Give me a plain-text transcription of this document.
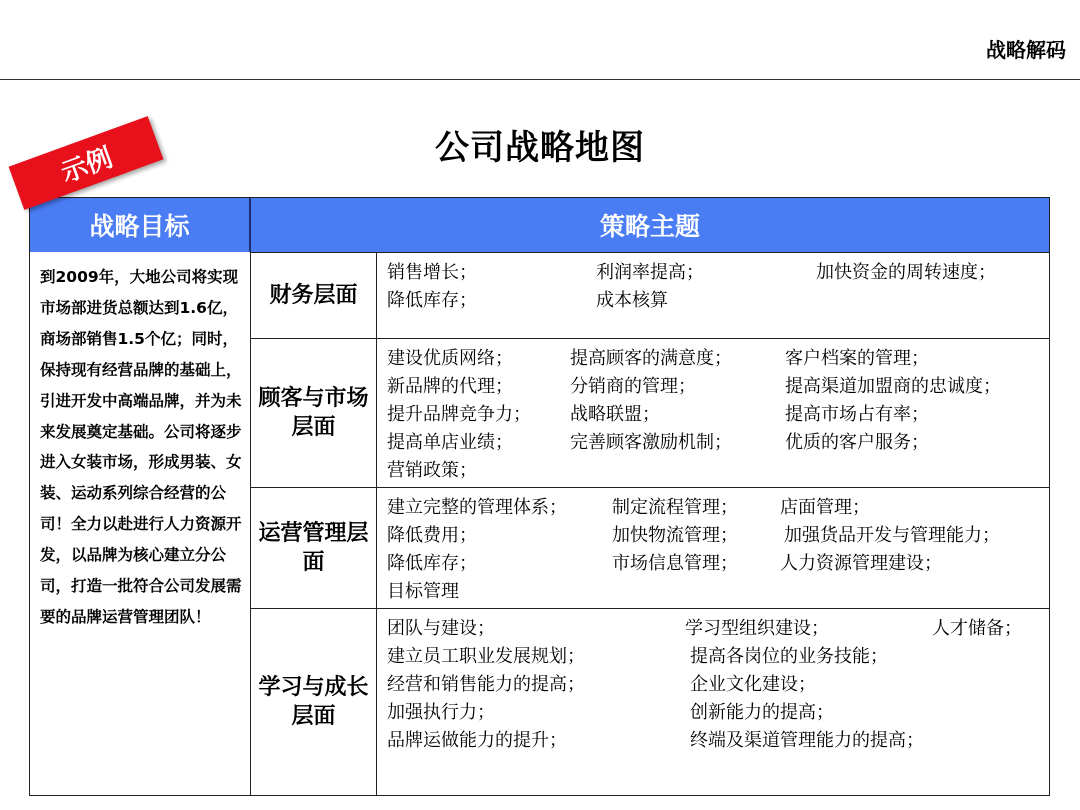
战略解码
公司战略地图
示例
战略目标	策略主题
到2009年，大地公司将实现市场部进货总额达到1.6亿，商场部销售1.5个亿；同时，保持现有经营品牌的基础上，引进开发中高端品牌，并为未来发展奠定基础。公司将逐步进入女装市场，形成男装、女装、运动系列综合经营的公司！全力以赴进行人力资源开发，以品牌为核心建立分公司，打造一批符合公司发展需要的品牌运营管理团队！
财务层面
销售增长；	利润率提高；	加快资金的周转速度；
降低库存；	成本核算
顾客与市场层面
建设优质网络；	提高顾客的满意度；	客户档案的管理；
新品牌的代理；	分销商的管理；	提高渠道加盟商的忠诚度；
提升品牌竞争力； 战略联盟；	提高市场占有率；
提高单店业绩；	完善顾客激励机制；	优质的客户服务；
营销政策；
运营管理层面
建立完整的管理体系；	制定流程管理； 店面管理；
降低费用；	加快物流管理；	加强货品开发与管理能力；
降低库存；	市场信息管理； 人力资源管理建设；
目标管理
学习与成长层面
团队与建设；	学习型组织建设；	人才储备；
建立员工职业发展规划；	提高各岗位的业务技能；
经营和销售能力的提高；	企业文化建设；
加强执行力；	创新能力的提高；
品牌运做能力的提升；	终端及渠道管理能力的提高；
